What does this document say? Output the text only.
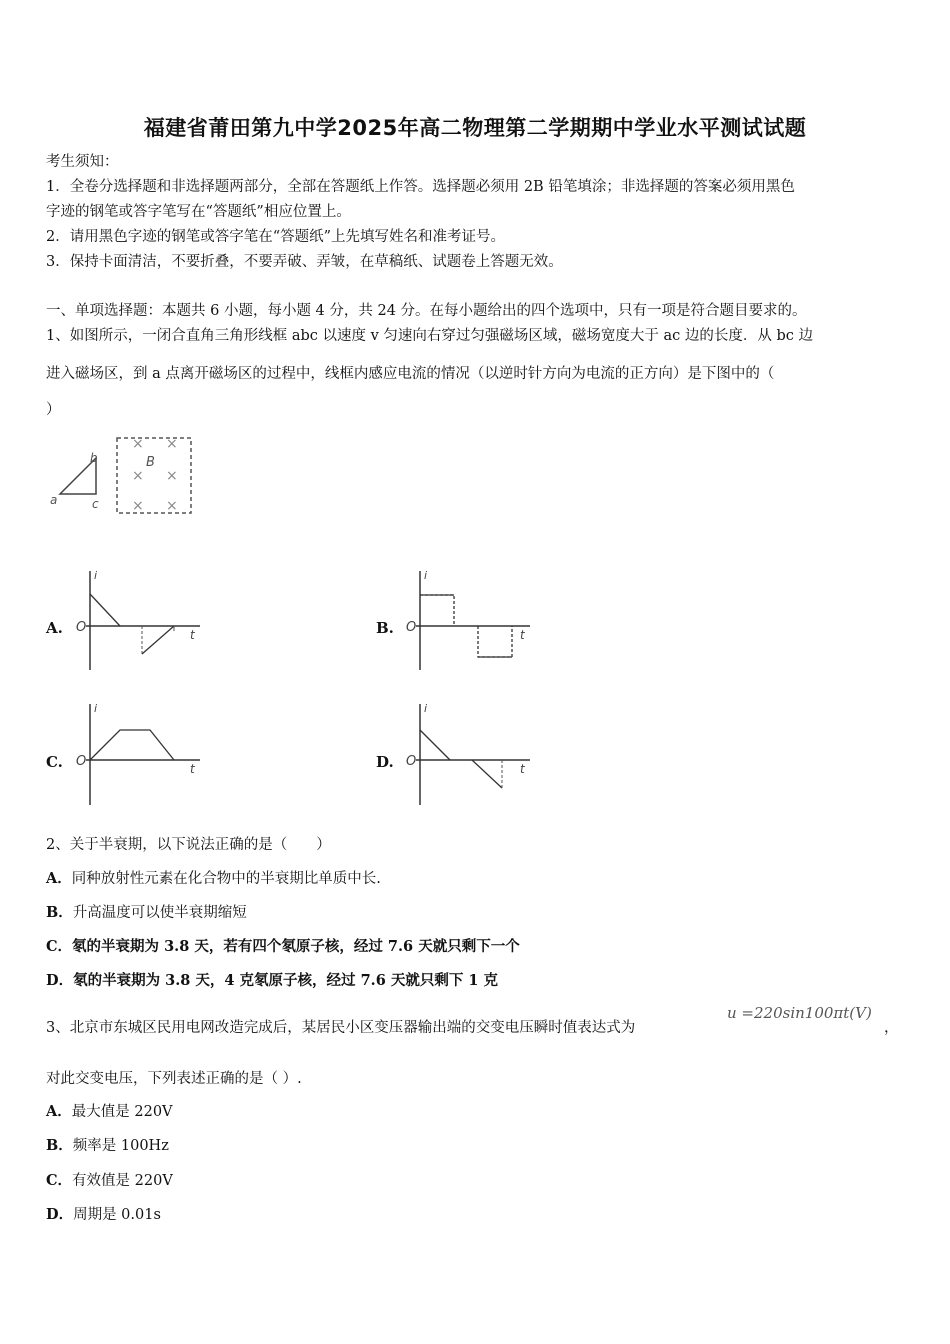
福建省莆田第九中学2025年高二物理第二学期期中学业水平测试试题
考生须知：
1．全卷分选择题和非选择题两部分，全部在答题纸上作答。选择题必须用 2B 铅笔填涂；非选择题的答案必须用黑色
字迹的钢笔或答字笔写在“答题纸”相应位置上。
2．请用黑色字迹的钢笔或答字笔在“答题纸”上先填写姓名和准考证号。
3．保持卡面清洁，不要折叠，不要弄破、弄皱，在草稿纸、试题卷上答题无效。
一、单项选择题：本题共 6 小题，每小题 4 分，共 24 分。在每小题给出的四个选项中，只有一项是符合题目要求的。
1、如图所示，一闭合直角三角形线框 abc 以速度 v 匀速向右穿过匀强磁场区域，磁场宽度大于 ac 边的长度．从 bc 边
进入磁场区，到 a 点离开磁场区的过程中，线框内感应电流的情况（以逆时针方向为电流的正方向）是下图中的（
）
a
b
c
B
× ×
× ×
× ×
A.
i
t
O	B.
i
t
O
C.
i
t
O	D.
i
t
O
2、关于半衰期，以下说法正确的是（　　）
A．同种放射性元素在化合物中的半衰期比单质中长.
B．升高温度可以使半衰期缩短
C．氡的半衰期为 3.8 天，若有四个氡原子核，经过 7.6 天就只剩下一个
D．氡的半衰期为 3.8 天，4 克氡原子核，经过 7.6 天就只剩下 1 克
3、北京市东城区民用电网改造完成后，某居民小区变压器输出端的交变电压瞬时值表达式为
u =220sin100πt(V)
，
对此交变电压，下列表述正确的是（ ）.
A．最大值是 220V
B．频率是 100Hz
C．有效值是 220V
D．周期是 0.01s
